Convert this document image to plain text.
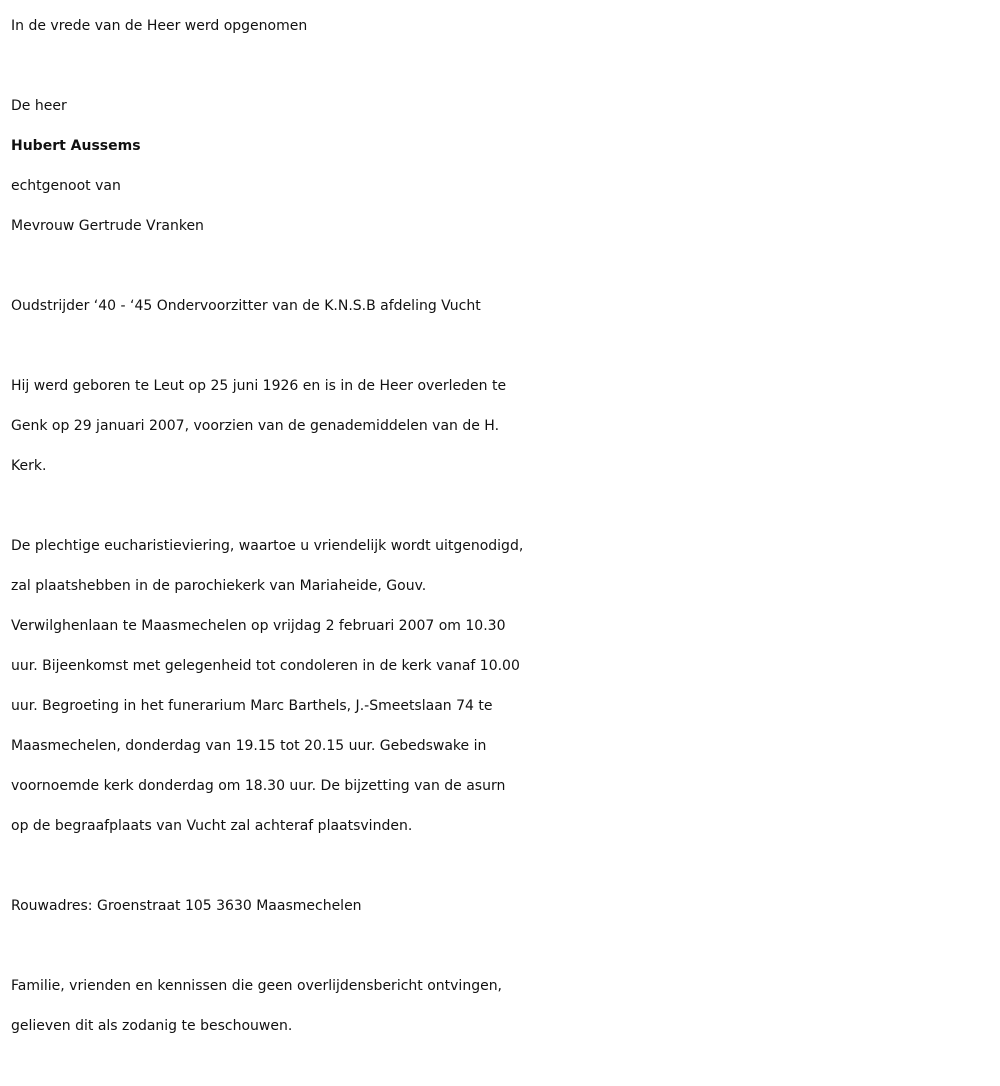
In de vrede van de Heer werd opgenomen
De heer
Hubert Aussems
echtgenoot van
Mevrouw Gertrude Vranken
Oudstrijder ‘40 - ‘45 Ondervoorzitter van de K.N.S.B afdeling Vucht
Hij werd geboren te Leut op 25 juni 1926 en is in de Heer overleden te
Genk op 29 januari 2007, voorzien van de genademiddelen van de H.
Kerk.
De plechtige eucharistieviering, waartoe u vriendelijk wordt uitgenodigd,
zal plaatshebben in de parochiekerk van Mariaheide, Gouv.
Verwilghenlaan te Maasmechelen op vrijdag 2 februari 2007 om 10.30
uur. Bijeenkomst met gelegenheid tot condoleren in de kerk vanaf 10.00
uur. Begroeting in het funerarium Marc Barthels, J.-Smeetslaan 74 te
Maasmechelen, donderdag van 19.15 tot 20.15 uur. Gebedswake in
voornoemde kerk donderdag om 18.30 uur. De bijzetting van de asurn
op de begraafplaats van Vucht zal achteraf plaatsvinden.
Rouwadres: Groenstraat 105 3630 Maasmechelen
Familie, vrienden en kennissen die geen overlijdensbericht ontvingen,
gelieven dit als zodanig te beschouwen.
